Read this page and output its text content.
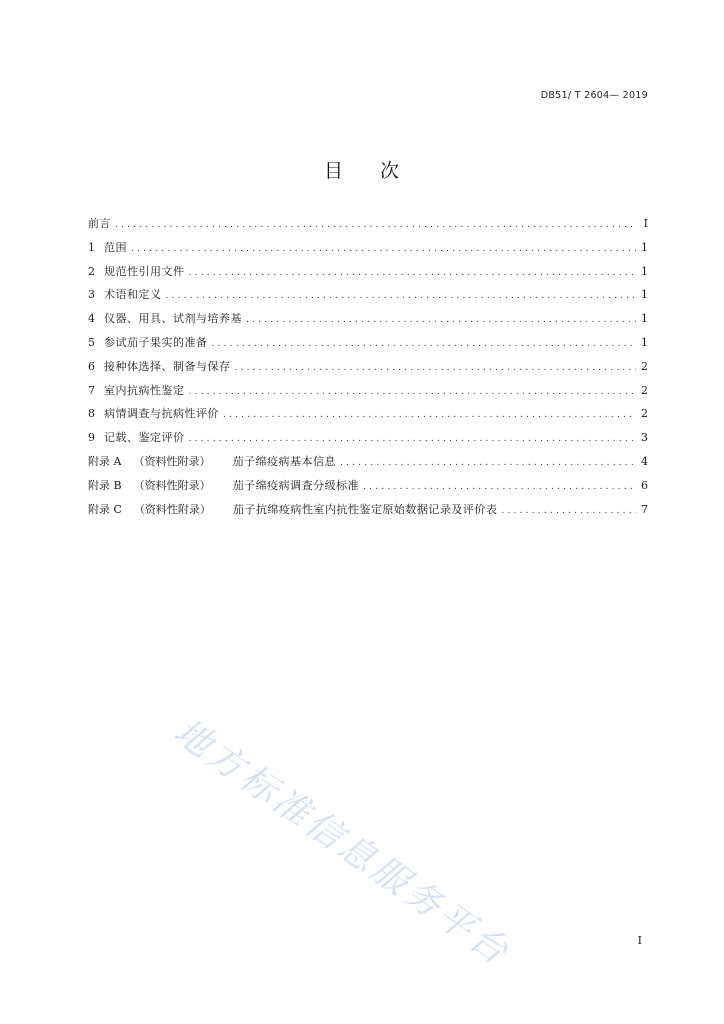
DB51/ T 2604— 2019
目 次
前言 .....	I
1 范围 .....	1
2 规范性引用文件 .....	1
3 术语和定义 .....	1
4 仪器、用具、试剂与培养基 .....	1
5 参试茄子果实的准备 .....	1
6 接种体选择、制备与保存 .....	2
7 室内抗病性鉴定 .....	2
8 病情调查与抗病性评价 .....	2
9 记载、鉴定评价 .....	3
附录 A （资料性附录） 茄子绵疫病基本信息 .....	4
附录 B （资料性附录） 茄子绵疫病调查分级标准 .....	6
附录 C （资料性附录） 茄子抗绵疫病性室内抗性鉴定原始数据记录及评价表 .....	7
地方标准信息服务平台	I
